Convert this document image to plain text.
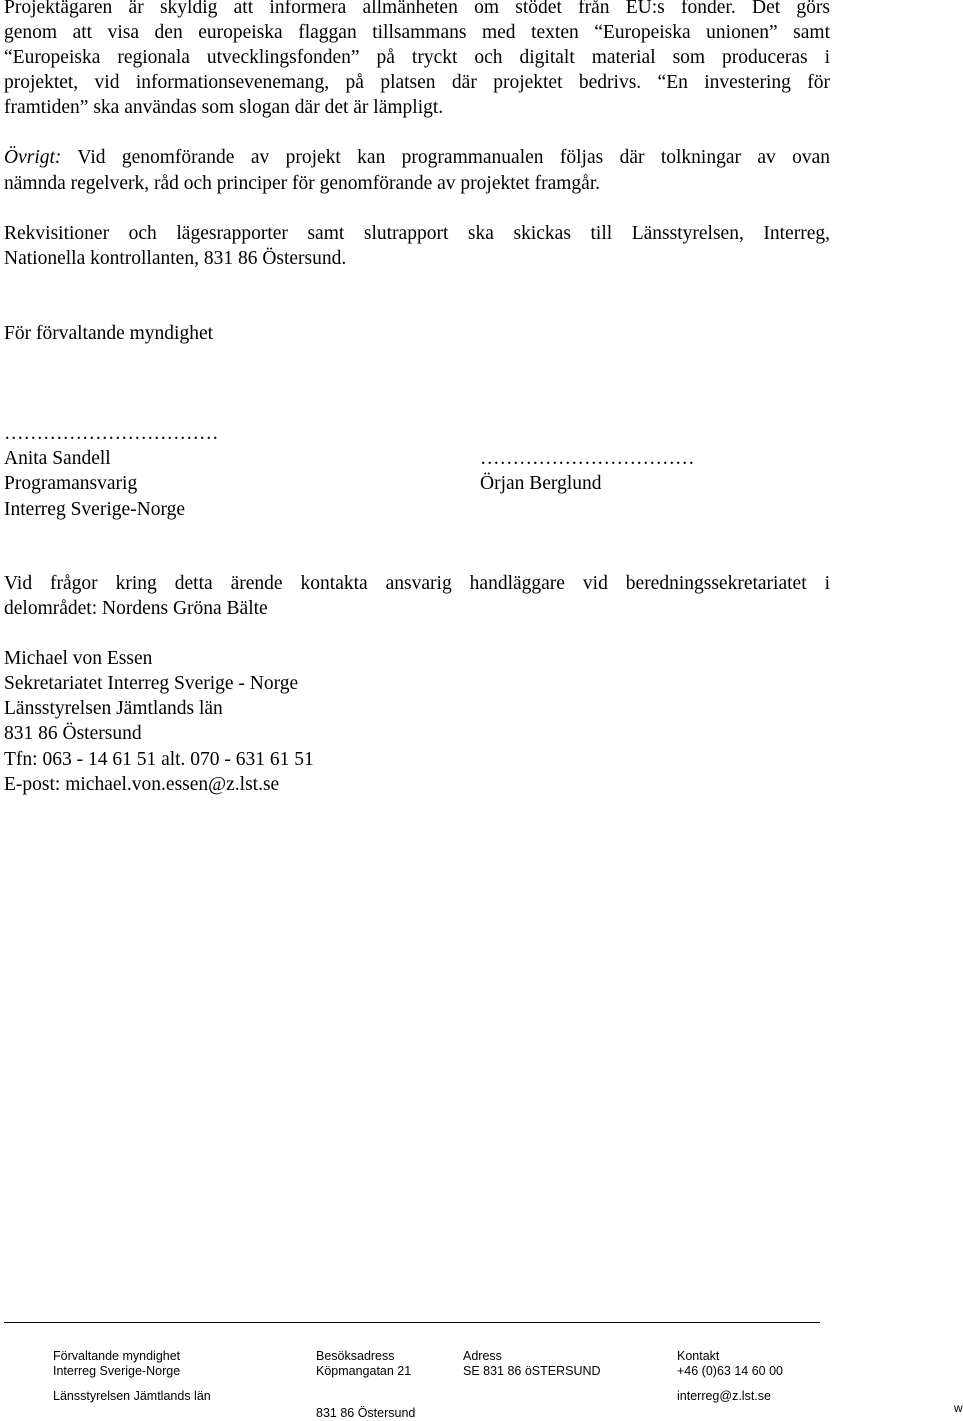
Projektägaren är skyldig att informera allmänheten om stödet från EU:s fonder. Det görs
genom att visa den europeiska flaggan tillsammans med texten “Europeiska unionen” samt
“Europeiska regionala utvecklingsfonden” på tryckt och digitalt material som produceras i
projektet, vid informationsevenemang, på platsen där projektet bedrivs. “En investering för
framtiden” ska användas som slogan där det är lämpligt.

Övrigt: Vid genomförande av projekt kan programmanualen följas där tolkningar av ovan
nämnda regelverk, råd och principer för genomförande av projektet framgår.

Rekvisitioner och lägesrapporter samt slutrapport ska skickas till Länsstyrelsen, Interreg,
Nationella kontrollanten, 831 86 Östersund.

För förvaltande myndighet

……………………………
Anita Sandell
Programansvarig
Interreg Sverige-Norge
……………………………
Örjan Berglund

Vid frågor kring detta ärende kontakta ansvarig handläggare vid beredningssekretariatet i
delområdet: Nordens Gröna Bälte

Michael von Essen
Sekretariatet Interreg Sverige - Norge
Länsstyrelsen Jämtlands län
831 86 Östersund
Tfn: 063 - 14 61 51 alt. 070 - 631 61 51
E-post: michael.von.essen@z.lst.se

Förvaltande myndighet
Interreg Sverige-Norge

Länsstyrelsen Jämtlands län
Besöksadress
Köpmangatan 21

831 86 Östersund
Adress
SE 831 86 öSTERSUND
Kontakt
+46 (0)63 14 60 00

interreg@z.lst.se
w
